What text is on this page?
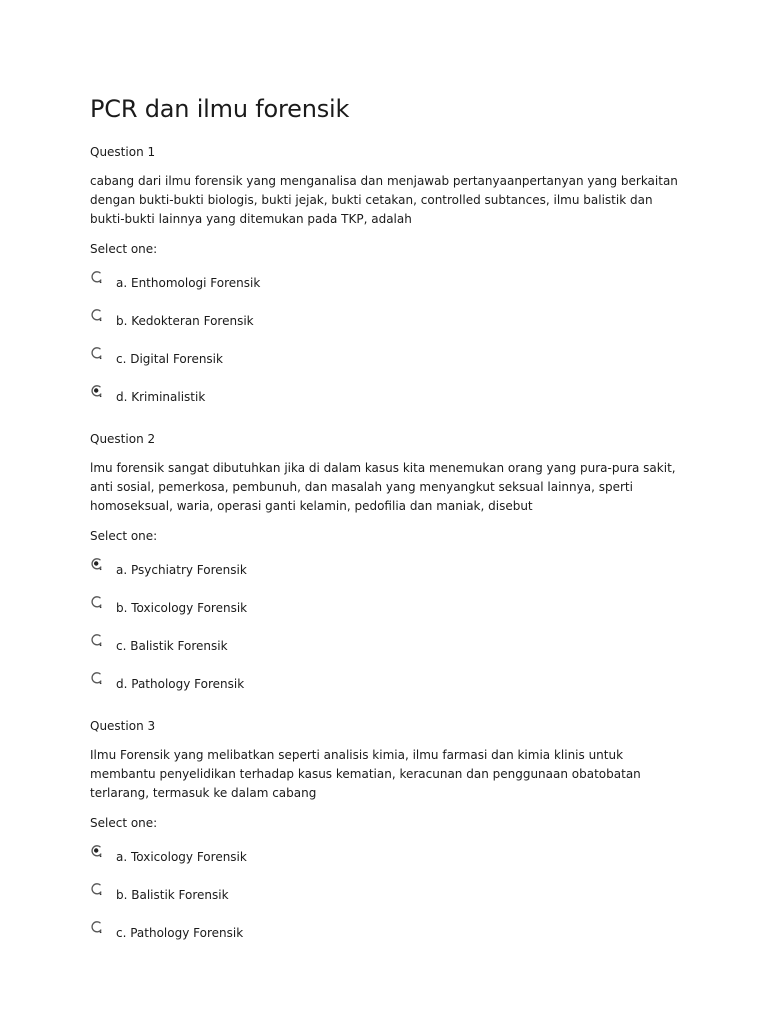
PCR dan ilmu forensik

Question 1

cabang dari ilmu forensik yang menganalisa dan menjawab pertanyaanpertanyan yang berkaitan dengan bukti-bukti biologis, bukti jejak, bukti cetakan, controlled subtances, ilmu balistik dan bukti-bukti lainnya yang ditemukan pada TKP, adalah

Select one:

a. Enthomologi Forensik
b. Kedokteran Forensik
c. Digital Forensik
d. Kriminalistik

Question 2

lmu forensik sangat dibutuhkan jika di dalam kasus kita menemukan orang yang pura-pura sakit, anti sosial, pemerkosa, pembunuh, dan masalah yang menyangkut seksual lainnya, sperti homoseksual, waria, operasi ganti kelamin, pedofilia dan maniak, disebut

Select one:

a. Psychiatry Forensik
b. Toxicology Forensik
c. Balistik Forensik
d. Pathology Forensik

Question 3

Ilmu Forensik yang melibatkan seperti analisis kimia, ilmu farmasi dan kimia klinis untuk membantu penyelidikan terhadap kasus kematian, keracunan dan penggunaan obatobatan terlarang, termasuk ke dalam cabang

Select one:

a. Toxicology Forensik
b. Balistik Forensik
c. Pathology Forensik
